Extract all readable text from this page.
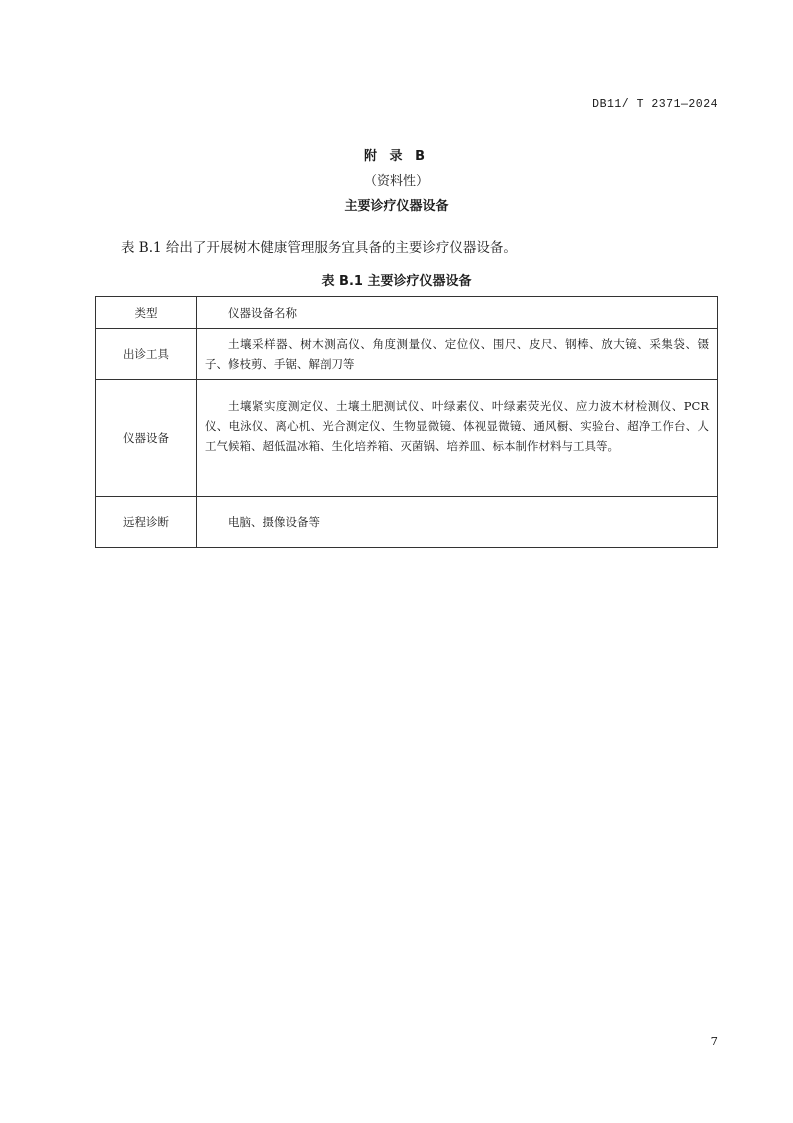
DB11/ T 2371—2024
附 录 B
（资料性）
主要诊疗仪器设备
表 B.1 给出了开展树木健康管理服务宜具备的主要诊疗仪器设备。
表 B.1 主要诊疗仪器设备
类型	仪器设备名称
出诊工具	土壤采样器、树木测高仪、角度测量仪、定位仪、围尺、皮尺、钢棒、放大镜、采集袋、镊子、修枝剪、手锯、解剖刀等
仪器设备	土壤紧实度测定仪、土壤土肥测试仪、叶绿素仪、叶绿素荧光仪、应力波木材检测仪、PCR 仪、电泳仪、离心机、光合测定仪、生物显微镜、体视显微镜、通风橱、实验台、超净工作台、人工气候箱、超低温冰箱、生化培养箱、灭菌锅、培养皿、标本制作材料与工具等。
远程诊断	电脑、摄像设备等
7
